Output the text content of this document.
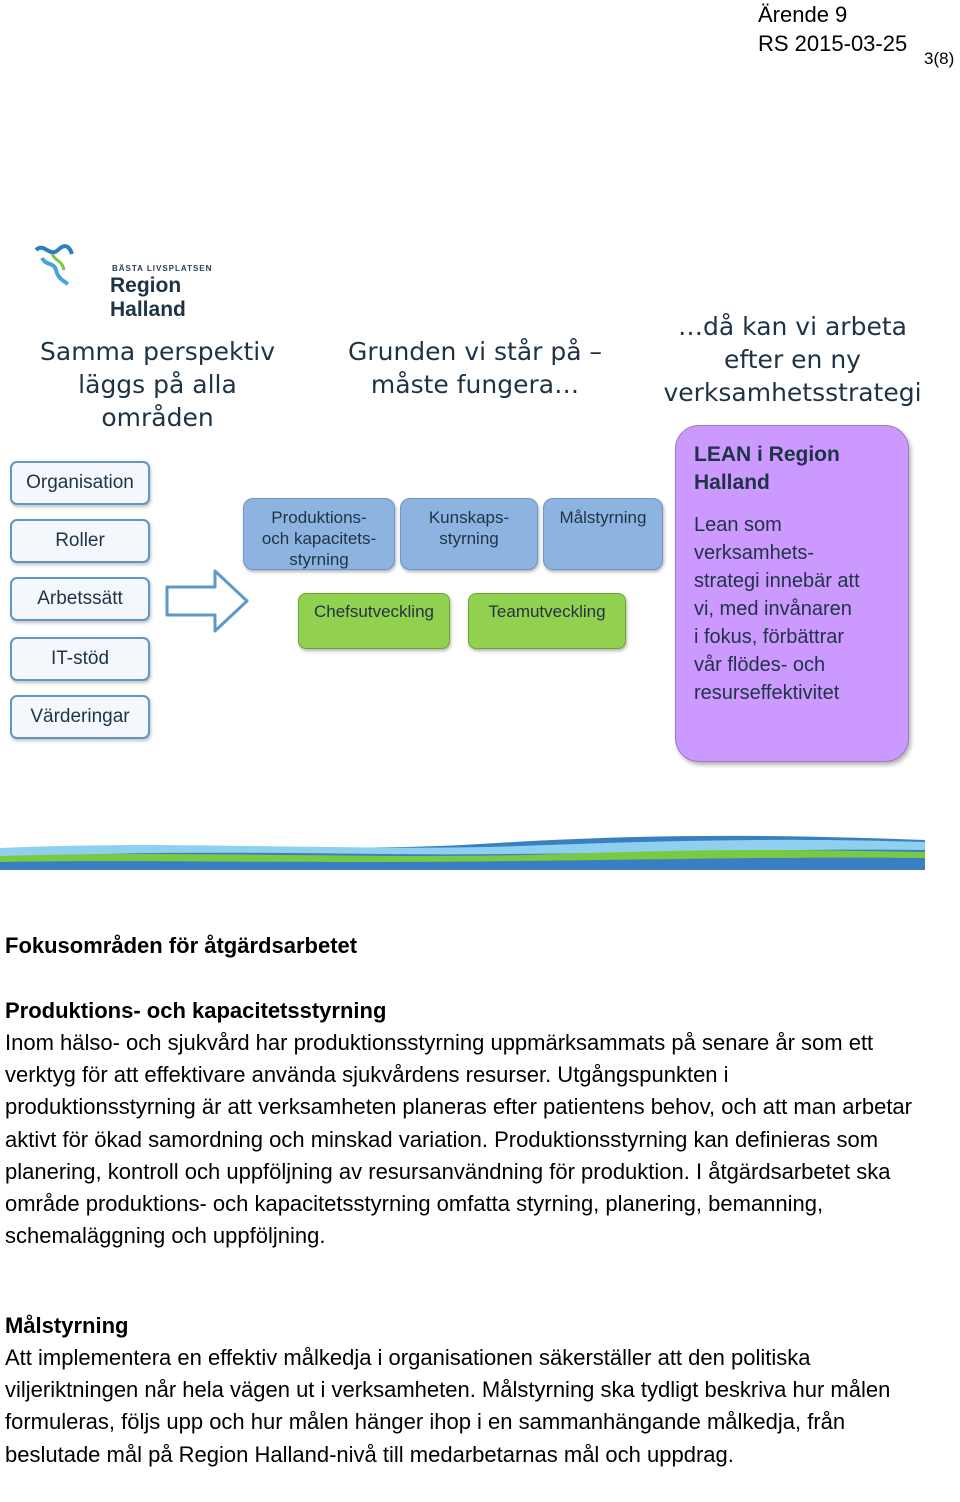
Ärende 9
RS 2015-03-25
3(8)
BÄSTA LIVSPLATSEN
Region Halland
Samma perspektiv
läggs på alla områden
Grunden vi står på –
måste fungera…
…då kan vi arbeta
efter en ny
verksamhetsstrategi
Organisation
Roller
Arbetssätt
IT-stöd
Värderingar
Produktions-
och kapacitets-
styrning
Kunskaps-
styrning
Målstyrning
Chefsutveckling	Teamutveckling
LEAN i Region
Halland
Lean som
verksamhets-
strategi innebär att
vi, med invånaren
i fokus, förbättrar
vår flödes- och
resurseffektivitet
Fokusområden för åtgärdsarbetet
Produktions- och kapacitetsstyrning
Inom hälso- och sjukvård har produktionsstyrning uppmärksammats på senare år som ett verktyg för att effektivare använda sjukvårdens resurser. Utgångspunkten i produktionsstyrning är att verksamheten planeras efter patientens behov, och att man arbetar aktivt för ökad samordning och minskad variation. Produktionsstyrning kan definieras som planering, kontroll och uppföljning av resursanvändning för produktion. I åtgärdsarbetet ska område produktions- och kapacitetsstyrning omfatta styrning, planering, bemanning, schemaläggning och uppföljning.
Målstyrning
Att implementera en effektiv målkedja i organisationen säkerställer att den politiska viljeriktningen når hela vägen ut i verksamheten. Målstyrning ska tydligt beskriva hur målen formuleras, följs upp och hur målen hänger ihop i en sammanhängande målkedja, från beslutade mål på Region Halland-nivå till medarbetarnas mål och uppdrag.
